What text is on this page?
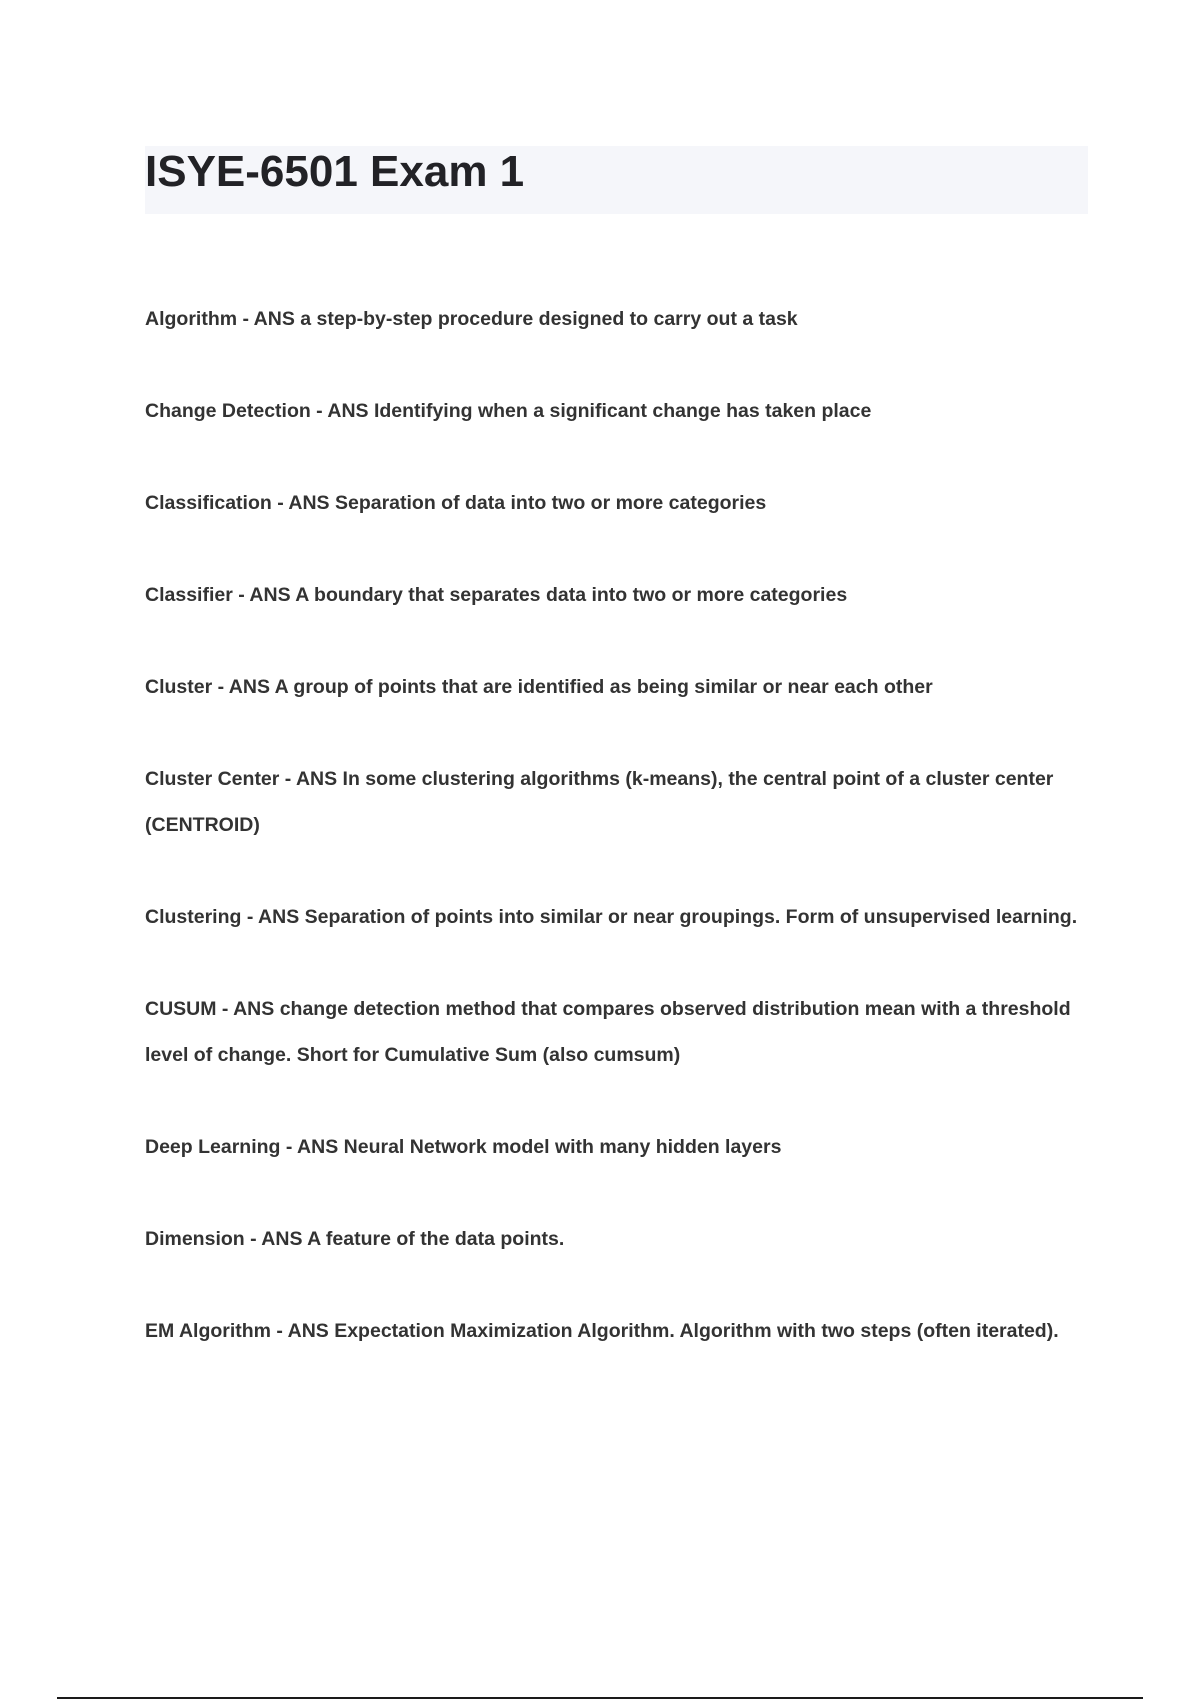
ISYE-6501 Exam 1
Algorithm - ANS a step-by-step procedure designed to carry out a task
Change Detection - ANS Identifying when a significant change has taken place
Classification - ANS Separation of data into two or more categories
Classifier - ANS A boundary that separates data into two or more categories
Cluster - ANS A group of points that are identified as being similar or near each other
Cluster Center - ANS In some clustering algorithms (k-means), the central point of a cluster center (CENTROID)
Clustering - ANS Separation of points into similar or near groupings. Form of unsupervised learning.
CUSUM - ANS change detection method that compares observed distribution mean with a threshold level of change. Short for Cumulative Sum (also cumsum)
Deep Learning - ANS Neural Network model with many hidden layers
Dimension - ANS A feature of the data points.
EM Algorithm - ANS Expectation Maximization Algorithm. Algorithm with two steps (often iterated).
